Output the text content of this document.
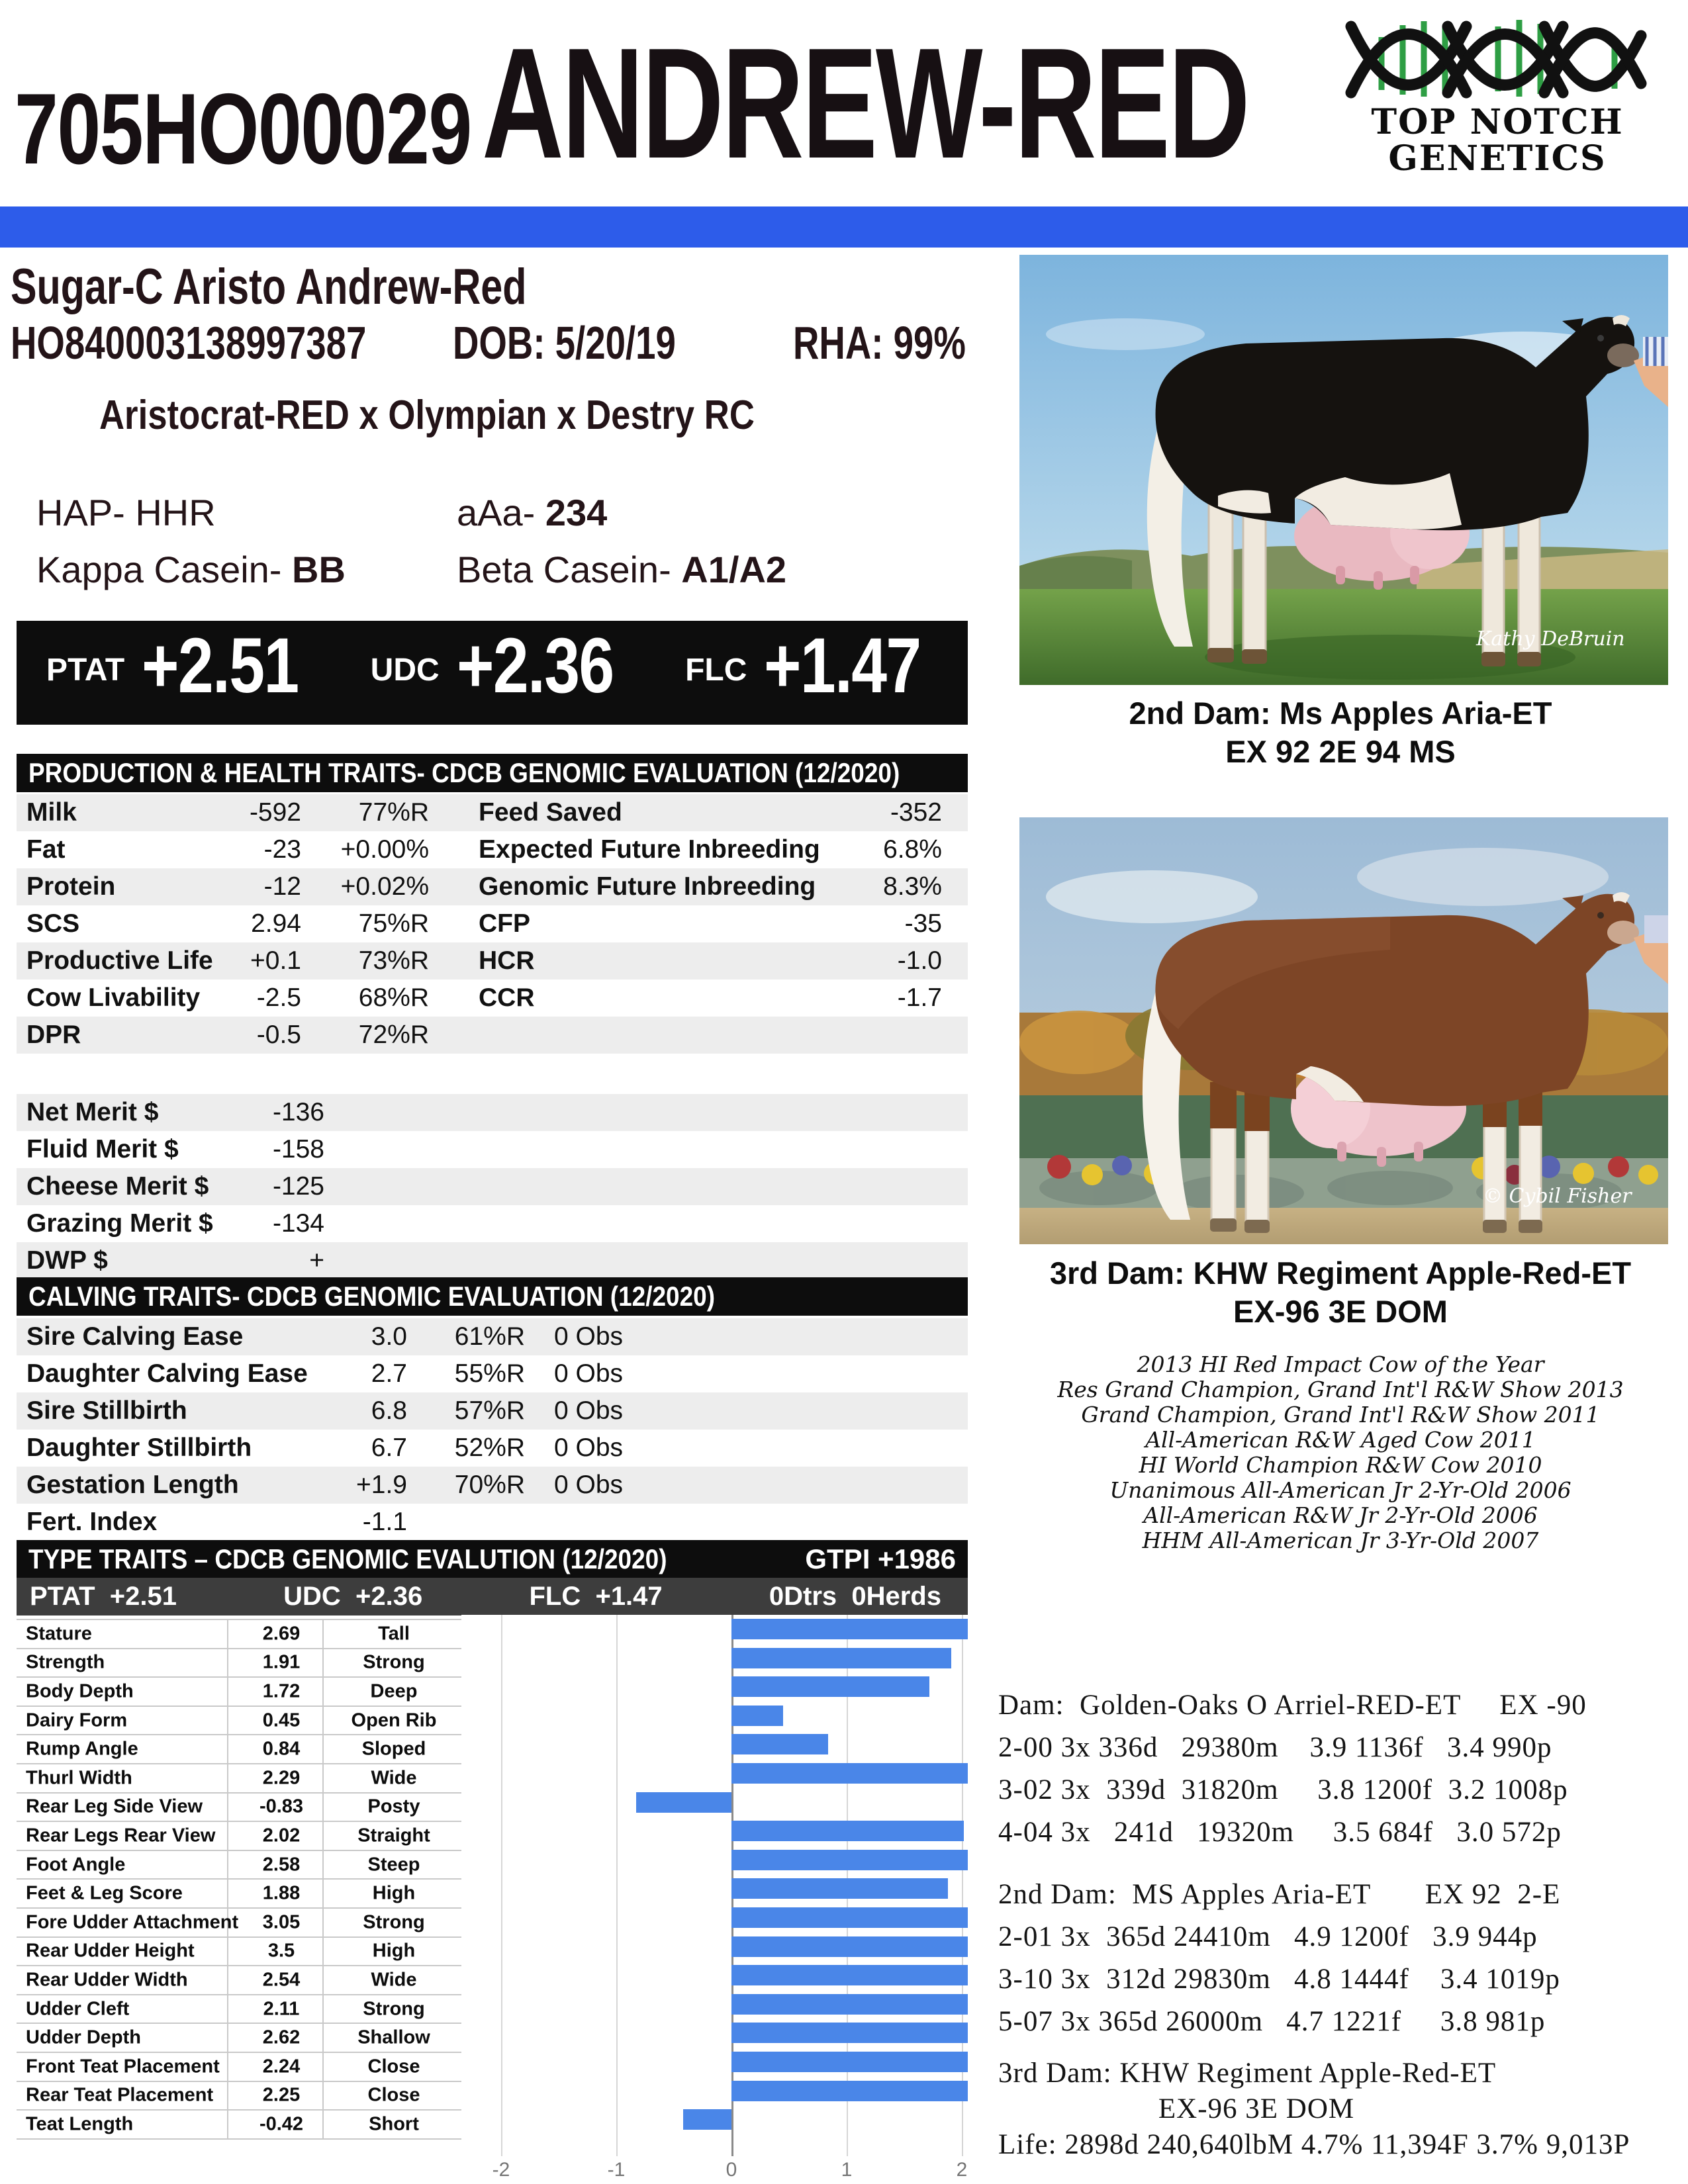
705HO00029 ANDREW-RED	TOP NOTCH
GENETICS
Sugar-C Aristo Andrew-Red
HO840003138997387 DOB: 5/20/19	RHA: 99%
Aristocrat-RED x Olympian x Destry RC
HAP- HHR	aAa- 234
Kappa Casein- BB	Beta Casein- A1/A2
PTAT +2.51 UDC +2.36 FLC +1.47
PRODUCTION & HEALTH TRAITS- CDCB GENOMIC EVALUATION (12/2020)
Milk	-592	77%R Feed Saved	-352
Fat	-23	+0.00% Expected Future Inbreeding	6.8%
Protein	-12	+0.02% Genomic Future Inbreeding	8.3%
SCS	2.94	75%R CFP	-35
Productive Life	+0.1	73%R HCR	-1.0
Cow Livability	-2.5	68%R CCR	-1.7
DPR	-0.5	72%R
Net Merit $	-136
Fluid Merit $	-158
Cheese Merit $	-125
Grazing Merit $	-134
DWP $	+
CALVING TRAITS- CDCB GENOMIC EVALUATION (12/2020)
Sire Calving Ease	3.0	61%R 0 Obs
Daughter Calving Ease	2.7	55%R 0 Obs
Sire Stillbirth	6.8	57%R 0 Obs
Daughter Stillbirth	6.7	52%R 0 Obs
Gestation Length	+1.9	70%R 0 Obs
Fert. Index	-1.1
TYPE TRAITS – CDCB GENOMIC EVALUTION (12/2020)	GTPI +1986
PTAT +2.51	UDC +2.36	FLC +1.47	0Dtrs 0Herds
Stature	2.69	Tall
Strength	1.91	Strong
Body Depth	1.72	Deep
Dairy Form	0.45	Open Rib
Rump Angle	0.84	Sloped
Thurl Width	2.29	Wide
Rear Leg Side View	-0.83	Posty
Rear Legs Rear View	2.02	Straight
Foot Angle	2.58	Steep
Feet & Leg Score	1.88	High
Fore Udder Attachment	3.05	Strong
Rear Udder Height	3.5	High
Rear Udder Width	2.54	Wide
Udder Cleft	2.11	Strong
Udder Depth	2.62	Shallow
Front Teat Placement	2.24	Close
Rear Teat Placement	2.25	Close
Teat Length	-0.42	Short
-2	-1	0	1	2
Kathy DeBruin
2nd Dam: Ms Apples Aria-ET
EX 92 2E 94 MS
© Cybil Fisher
3rd Dam: KHW Regiment Apple-Red-ET
EX-96 3E DOM
2013 HI Red Impact Cow of the Year
Res Grand Champion, Grand Int'l R&W Show 2013
Grand Champion, Grand Int'l R&W Show 2011
All-American R&W Aged Cow 2011
HI World Champion R&W Cow 2010
Unanimous All-American Jr 2-Yr-Old 2006
All-American R&W Jr 2-Yr-Old 2006
HHM All-American Jr 3-Yr-Old 2007
Dam:  Golden-Oaks O Arriel-RED-ET     EX -90
2-00 3x 336d   29380m    3.9 1136f   3.4 990p
3-02 3x  339d  31820m     3.8 1200f  3.2 1008p
4-04 3x   241d   19320m     3.5 684f   3.0 572p
2nd Dam:  MS Apples Aria-ET       EX 92  2-E
2-01 3x  365d 24410m   4.9 1200f   3.9 944p
3-10 3x  312d 29830m   4.8 1444f    3.4 1019p
5-07 3x 365d 26000m   4.7 1221f     3.8 981p
3rd Dam: KHW Regiment Apple-Red-ET
EX-96 3E DOM
Life: 2898d 240,640lbM 4.7% 11,394F 3.7% 9,013P
